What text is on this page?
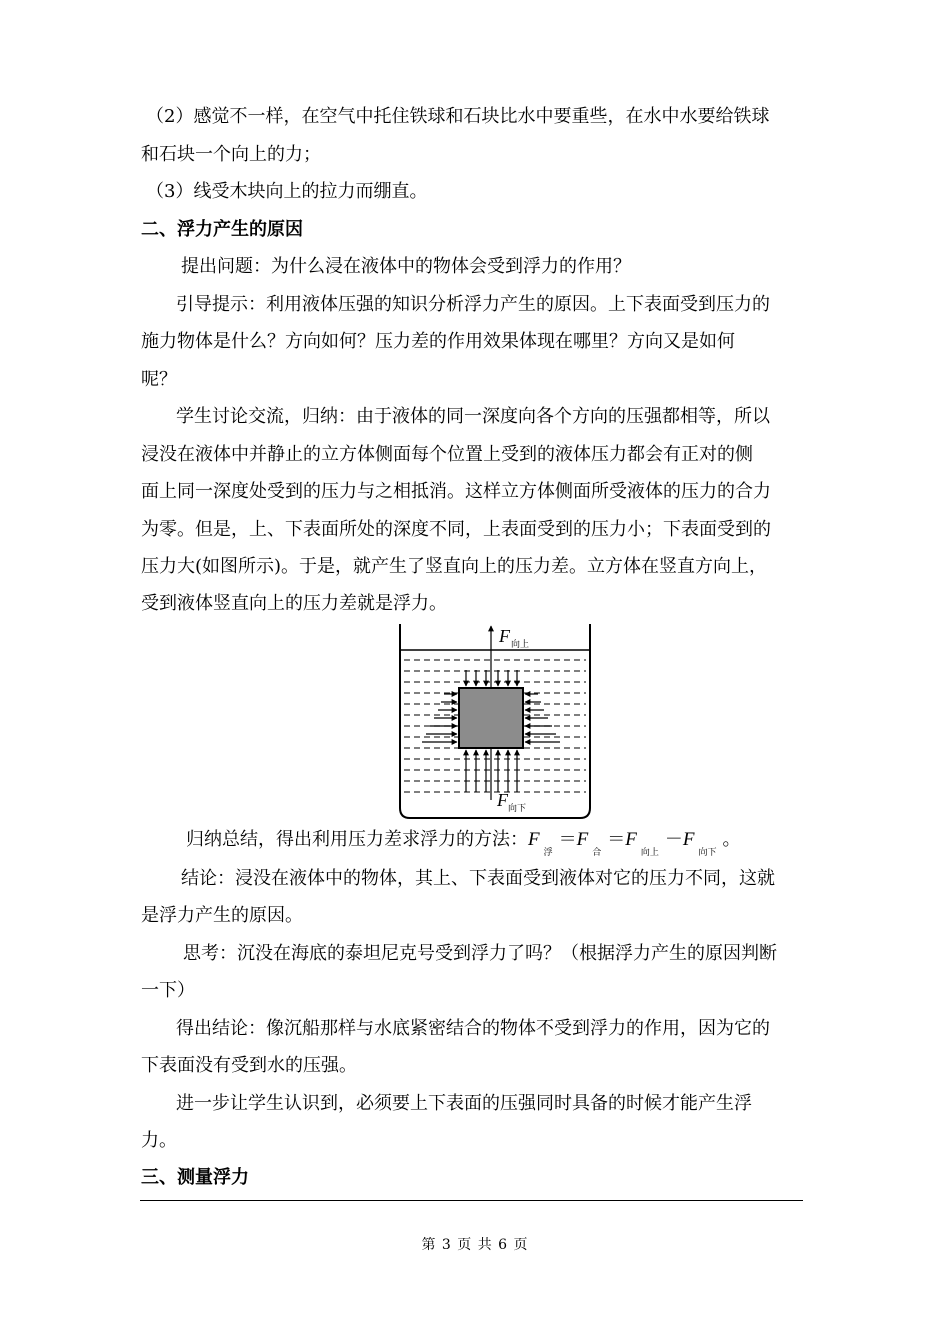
（2）感觉不一样，在空气中托住铁球和石块比水中要重些，在水中水要给铁球
和石块一个向上的力；
（3）线受木块向上的拉力而绷直。
二、浮力产生的原因
提出问题：为什么浸在液体中的物体会受到浮力的作用？
引导提示：利用液体压强的知识分析浮力产生的原因。上下表面受到压力的
施力物体是什么？方向如何？压力差的作用效果体现在哪里？方向又是如何
呢？
学生讨论交流，归纳：由于液体的同一深度向各个方向的压强都相等，所以
浸没在液体中并静止的立方体侧面每个位置上受到的液体压力都会有正对的侧
面上同一深度处受到的压力与之相抵消。这样立方体侧面所受液体的压力的合力
为零。但是，上、下表面所处的深度不同，上表面受到的压力小；下表面受到的
压力大(如图所示)。于是，就产生了竖直向上的压力差。立方体在竖直方向上，
受到液体竖直向上的压力差就是浮力。
F 向上
F 向下
归纳总结，得出利用压力差求浮力的方法：$F_浮=F_合=F_{向上}-F_{向下}$。
结论：浸没在液体中的物体，其上、下表面受到液体对它的压力不同，这就
是浮力产生的原因。
思考：沉没在海底的泰坦尼克号受到浮力了吗？（根据浮力产生的原因判断
一下）
得出结论：像沉船那样与水底紧密结合的物体不受到浮力的作用，因为它的
下表面没有受到水的压强。
进一步让学生认识到，必须要上下表面的压强同时具备的时候才能产生浮
力。
三、测量浮力
第 3 页 共 6 页
